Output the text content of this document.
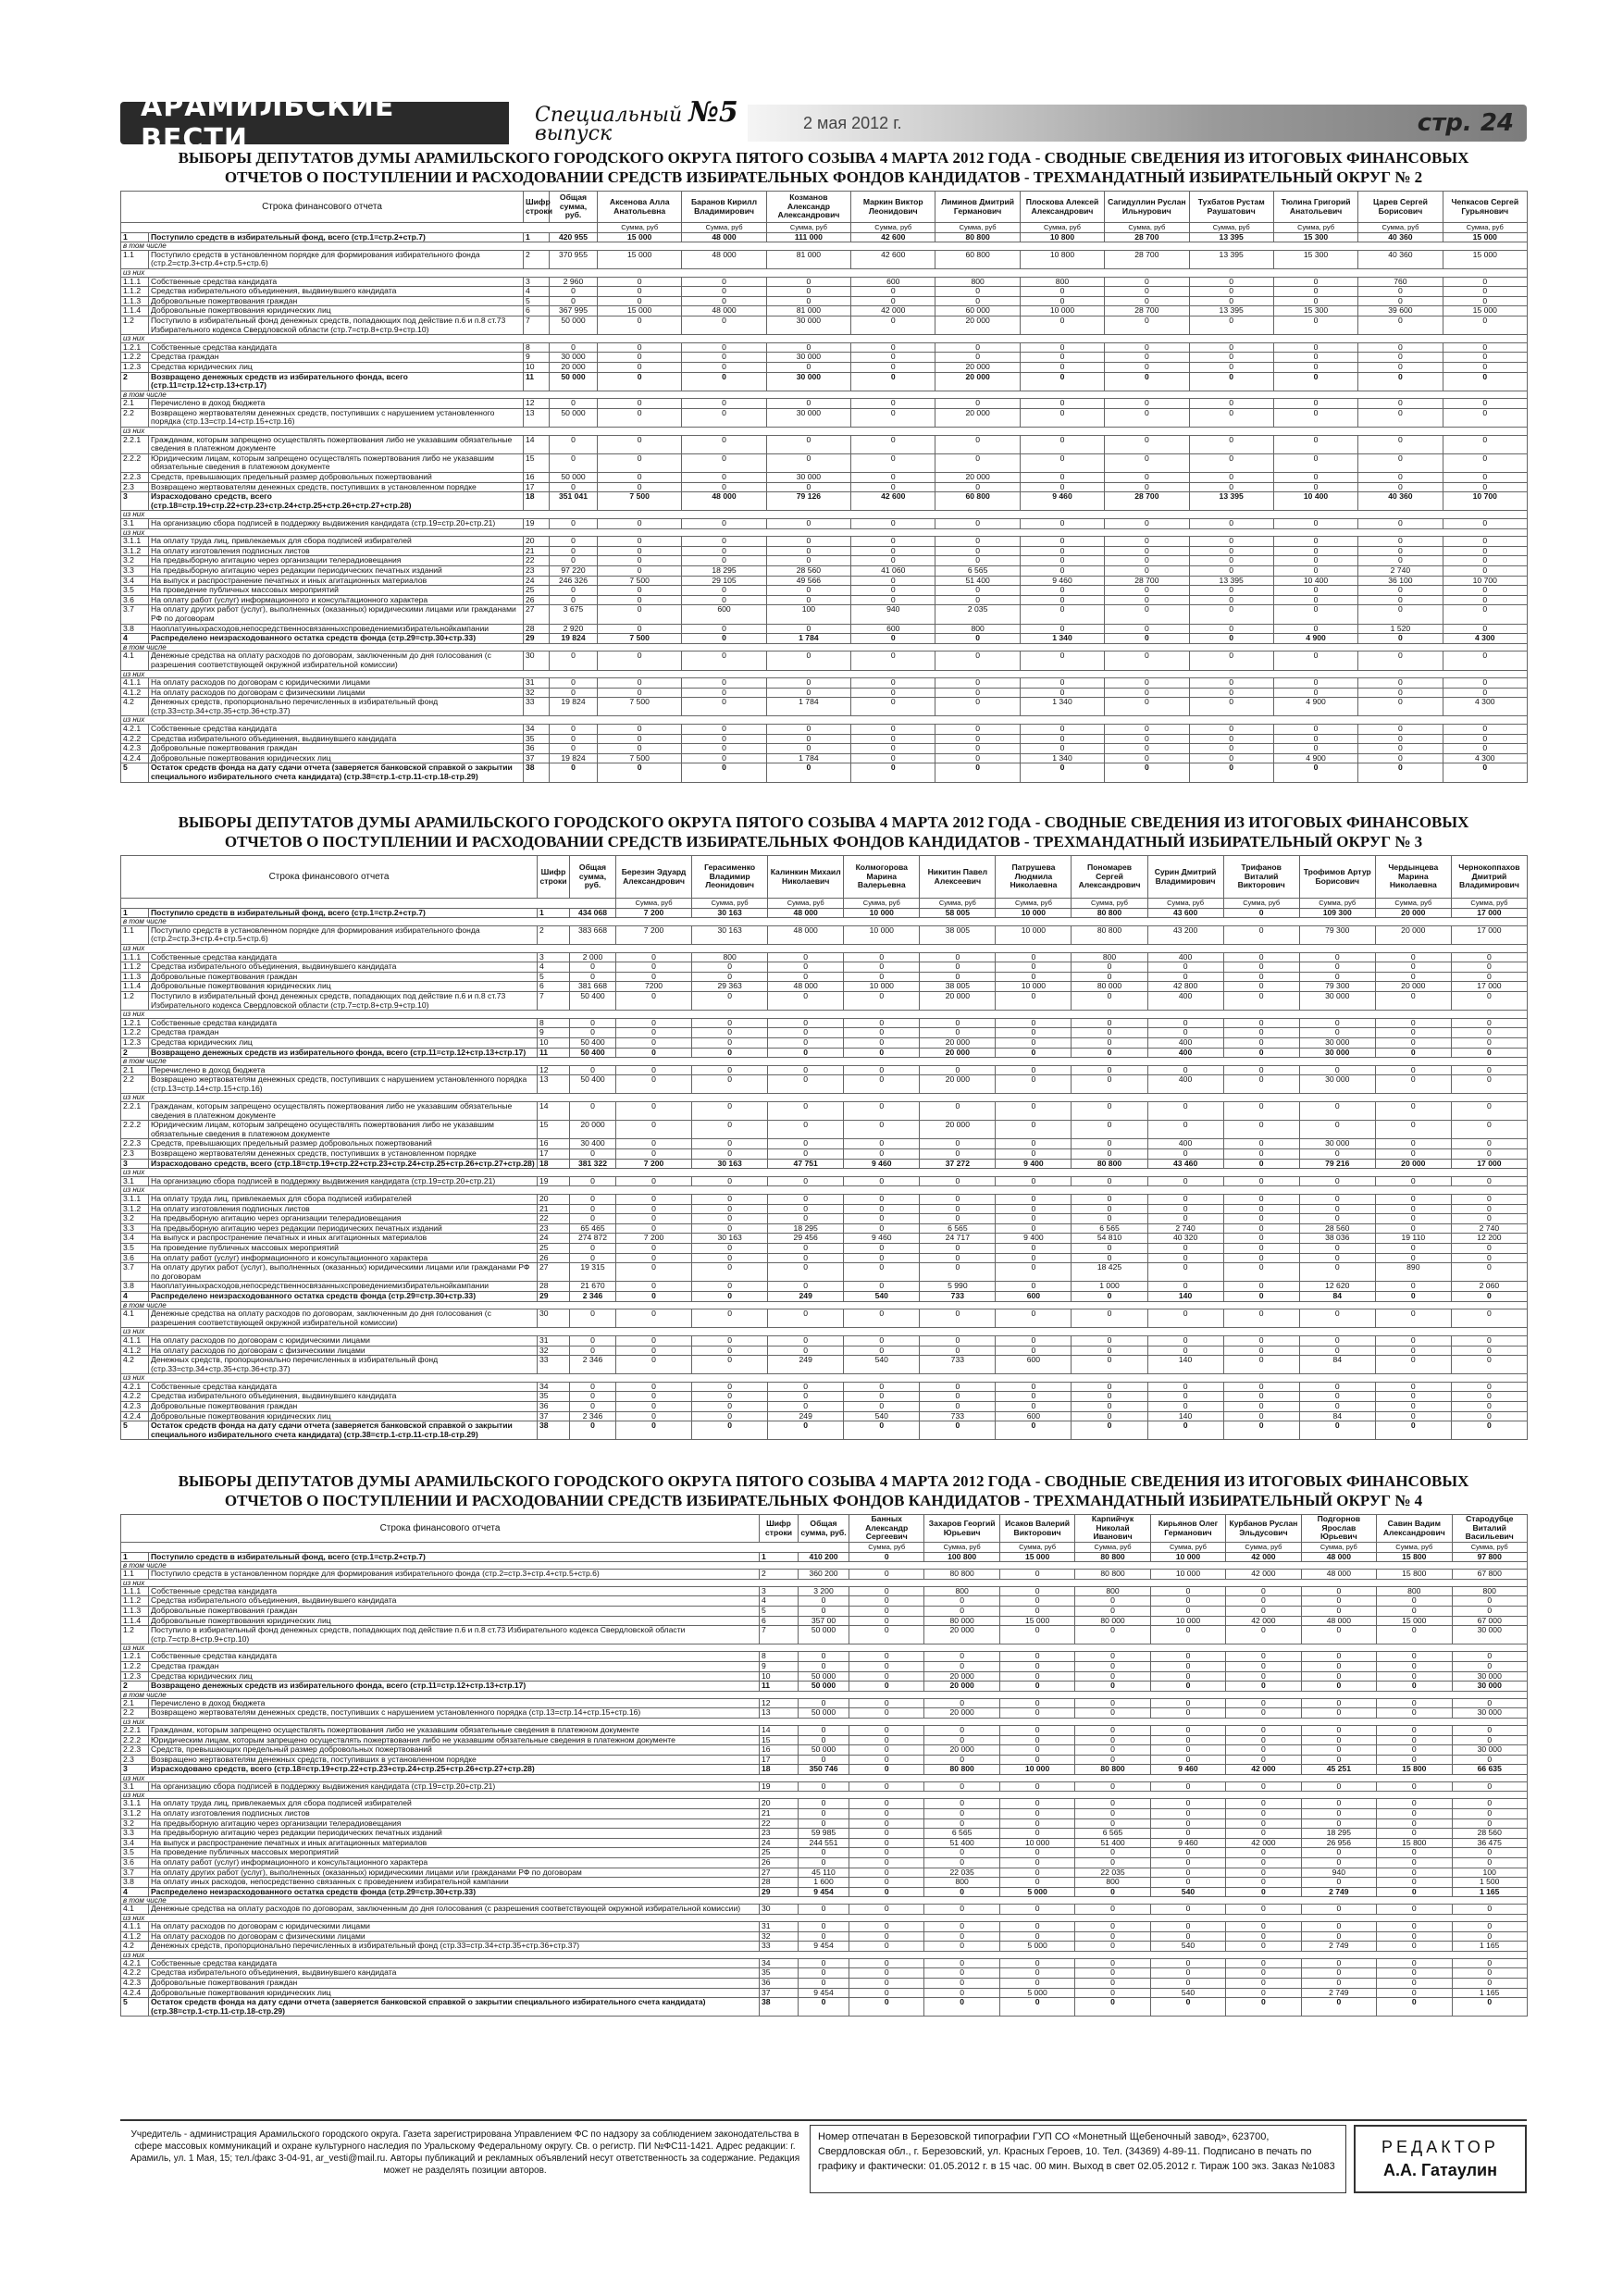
АРАМИЛЬСКИЕ ВЕСТИ
Специальный №5
выпуск	2 мая 2012 г.	стр. 24
ВЫБОРЫ ДЕПУТАТОВ ДУМЫ АРАМИЛЬСКОГО ГОРОДСКОГО ОКРУГА ПЯТОГО СОЗЫВА 4 МАРТА 2012 ГОДА - СВОДНЫЕ СВЕДЕНИЯ ИЗ ИТОГОВЫХ ФИНАНСОВЫХ
ОТЧЕТОВ О ПОСТУПЛЕНИИ И РАСХОДОВАНИИ СРЕДСТВ ИЗБИРАТЕЛЬНЫХ ФОНДОВ КАНДИДАТОВ - ТРЕХМАНДАТНЫЙ ИЗБИРАТЕЛЬНЫЙ ОКРУГ № 2
Строка финансового отчета		Шифр строки	Общая сумма, руб.	Аксенова Алла Анатольевна	Баранов Кирилл Владимирович	Козманов Александр Александрович	Маркин Виктор Леонидович	Лиминов Дмитрий Германович	Плоскова Алексей Александрович	Сагидуллин Руслан Ильнурович	Тухбатов Рустам Раушатович	Тюлина Григорий Анатольевич	Царев Сергей Борисович	Чепкасов Сергей Гурьянович
				Сумма, руб	Сумма, руб	Сумма, руб	Сумма, руб	Сумма, руб	Сумма, руб	Сумма, руб	Сумма, руб	Сумма, руб	Сумма, руб	Сумма, руб
1	Поступило средств в избирательный фонд, всего (стр.1=стр.2+стр.7)	1	420 955	15 000	48 000	111 000	42 600	80 800	10 800	28 700	13 395	15 300	40 360	15 000
в том числе														
1.1	Поступило средств в установленном порядке для формирования избирательного фонда (стр.2=стр.3+стр.4+стр.5+стр.6)	2	370 955	15 000	48 000	81 000	42 600	60 800	10 800	28 700	13 395	15 300	40 360	15 000
из них														
1.1.1	Собственные средства кандидата	3	2 960	0	0	0	600	800	800	0	0	0	760	0
1.1.2	Средства избирательного объединения, выдвинувшего кандидата	4	0	0	0	0	0	0	0	0	0	0	0	0
1.1.3	Добровольные пожертвования граждан	5	0	0	0	0	0	0	0	0	0	0	0	0
1.1.4	Добровольные пожертвования юридических лиц	6	367 995	15 000	48 000	81 000	42 000	60 000	10 000	28 700	13 395	15 300	39 600	15 000
1.2	Поступило в избирательный фонд денежных средств, попадающих под действие п.6 и п.8 ст.73 Избирательного кодекса Свердловской области (стр.7=стр.8+стр.9+стр.10)	7	50 000	0	0	30 000	0	20 000	0	0	0	0	0	0
из них														
1.2.1	Собственные средства кандидата	8	0	0	0	0	0	0	0	0	0	0	0	0
1.2.2	Средства граждан	9	30 000	0	0	30 000	0	0	0	0	0	0	0	0
1.2.3	Средства юридических лиц	10	20 000	0	0	0	0	20 000	0	0	0	0	0	0
2	Возвращено денежных средств из избирательного фонда, всего (стр.11=стр.12+стр.13+стр.17)	11	50 000	0	0	30 000	0	20 000	0	0	0	0	0	0
в том числе														
2.1	Перечислено в доход бюджета	12	0	0	0	0	0	0	0	0	0	0	0	0
2.2	Возвращено жертвователям денежных средств, поступивших с нарушением установленного порядка (стр.13=стр.14+стр.15+стр.16)	13	50 000	0	0	30 000	0	20 000	0	0	0	0	0	0
из них														
2.2.1	Гражданам, которым запрещено осуществлять пожертвования либо не указавшим обязательные сведения в платежном документе	14	0	0	0	0	0	0	0	0	0	0	0	0
2.2.2	Юридическим лицам, которым запрещено осуществлять пожертвования либо не указавшим обязательные сведения в платежном документе	15	0	0	0	0	0	0	0	0	0	0	0	0
2.2.3	Средств, превышающих предельный размер добровольных пожертвований	16	50 000	0	0	30 000	0	20 000	0	0	0	0	0	0
2.3	Возвращено жертвователям денежных средств, поступивших в установленном порядке	17	0	0	0	0	0	0	0	0	0	0	0	0
3	Израсходовано средств, всего (стр.18=стр.19+стр.22+стр.23+стр.24+стр.25+стр.26+стр.27+стр.28)	18	351 041	7 500	48 000	79 126	42 600	60 800	9 460	28 700	13 395	10 400	40 360	10 700
из них														
3.1	На организацию сбора подписей в поддержку выдвижения кандидата (стр.19=стр.20+стр.21)	19	0	0	0	0	0	0	0	0	0	0	0	0
из них														
3.1.1	На оплату труда лиц, привлекаемых для сбора подписей избирателей	20	0	0	0	0	0	0	0	0	0	0	0	0
3.1.2	На оплату изготовления подписных листов	21	0	0	0	0	0	0	0	0	0	0	0	0
3.2	На предвыборную агитацию через организации телерадиовещания	22	0	0	0	0	0	0	0	0	0	0	0	0
3.3	На предвыборную агитацию через редакции периодических печатных изданий	23	97 220	0	18 295	28 560	41 060	6 565	0	0	0	0	2 740	0
3.4	На выпуск и распространение печатных и иных агитационных материалов	24	246 326	7 500	29 105	49 566	0	51 400	9 460	28 700	13 395	10 400	36 100	10 700
3.5	На проведение публичных массовых мероприятий	25	0	0	0	0	0	0	0	0	0	0	0	0
3.6	На оплату работ (услуг) информационного и консультационного характера	26	0	0	0	0	0	0	0	0	0	0	0	0
3.7	На оплату других работ (услуг), выполненных (оказанных) юридическими лицами или гражданами РФ по договорам	27	3 675	0	600	100	940	2 035	0	0	0	0	0	0
3.8	Наоплатуиныхрасходов,непосредственносвязанныхспроведениемизбирательнойкампании	28	2 920	0	0	0	600	800	0	0	0	0	1 520	0
4	Распределено неизрасходованного остатка средств фонда (стр.29=стр.30+стр.33)	29	19 824	7 500	0	1 784	0	0	1 340	0	0	4 900	0	4 300
в том числе														
4.1	Денежные средства на оплату расходов по договорам, заключенным до дня голосования (с разрешения соответствующей окружной избирательной комиссии)	30	0	0	0	0	0	0	0	0	0	0	0	0
из них														
4.1.1	На оплату расходов по договорам с юридическими лицами	31	0	0	0	0	0	0	0	0	0	0	0	0
4.1.2	На оплату расходов по договорам с физическими лицами	32	0	0	0	0	0	0	0	0	0	0	0	0
4.2	Денежных средств, пропорционально перечисленных в избирательный фонд (стр.33=стр.34+стр.35+стр.36+стр.37)	33	19 824	7 500	0	1 784	0	0	1 340	0	0	4 900	0	4 300
из них														
4.2.1	Собственные средства кандидата	34	0	0	0	0	0	0	0	0	0	0	0	0
4.2.2	Средства избирательного объединения, выдвинувшего кандидата	35	0	0	0	0	0	0	0	0	0	0	0	0
4.2.3	Добровольные пожертвования граждан	36	0	0	0	0	0	0	0	0	0	0	0	0
4.2.4	Добровольные пожертвования юридических лиц	37	19 824	7 500	0	1 784	0	0	1 340	0	0	4 900	0	4 300
5	Остаток средств фонда на дату сдачи отчета (заверяется банковской справкой о закрытии специального избирательного счета кандидата) (стр.38=стр.1-стр.11-стр.18-стр.29)	38	0	0	0	0	0	0	0	0	0	0	0	0
ВЫБОРЫ ДЕПУТАТОВ ДУМЫ АРАМИЛЬСКОГО ГОРОДСКОГО ОКРУГА ПЯТОГО СОЗЫВА 4 МАРТА 2012 ГОДА - СВОДНЫЕ СВЕДЕНИЯ ИЗ ИТОГОВЫХ ФИНАНСОВЫХ
ОТЧЕТОВ О ПОСТУПЛЕНИИ И РАСХОДОВАНИИ СРЕДСТВ ИЗБИРАТЕЛЬНЫХ ФОНДОВ КАНДИДАТОВ - ТРЕХМАНДАТНЫЙ ИЗБИРАТЕЛЬНЫЙ ОКРУГ № 3
Строка финансового отчета		Шифр строки	Общая сумма, руб.	Березин Эдуард Александрович	Герасименко Владимир Леонидович	Калинкин Михаил Николаевич	Колмогорова Марина Валерьевна	Никитин Павел Алексеевич	Патрушева Людмила Николаевна	Пономарев Сергей Александрович	Сурин Дмитрий Владимирович	Трифанов Виталий Викторович	Трофимов Артур Борисович	Чердынцева Марина Николаевна	Чернокоппахов Дмитрий Владимирович
				Сумма, руб	Сумма, руб	Сумма, руб	Сумма, руб	Сумма, руб	Сумма, руб	Сумма, руб	Сумма, руб	Сумма, руб	Сумма, руб	Сумма, руб	Сумма, руб
1	Поступило средств в избирательный фонд, всего (стр.1=стр.2+стр.7)	1	434 068	7 200	30 163	48 000	10 000	58 005	10 000	80 800	43 600	0	109 300	20 000	17 000
в том числе															
1.1	Поступило средств в установленном порядке для формирования избирательного фонда (стр.2=стр.3+стр.4+стр.5+стр.6)	2	383 668	7 200	30 163	48 000	10 000	38 005	10 000	80 800	43 200	0	79 300	20 000	17 000
из них															
1.1.1	Собственные средства кандидата	3	2 000	0	800	0	0	0	0	800	400	0	0	0	0
1.1.2	Средства избирательного объединения, выдвинувшего кандидата	4	0	0	0	0	0	0	0	0	0	0	0	0	0
1.1.3	Добровольные пожертвования граждан	5	0	0	0	0	0	0	0	0	0	0	0	0	0
1.1.4	Добровольные пожертвования юридических лиц	6	381 668	7200	29 363	48 000	10 000	38 005	10 000	80 000	42 800	0	79 300	20 000	17 000
1.2	Поступило в избирательный фонд денежных средств, попадающих под действие п.6 и п.8 ст.73 Избирательного кодекса Свердловской области (стр.7=стр.8+стр.9+стр.10)	7	50 400	0	0	0	0	20 000	0	0	400	0	30 000	0	0
из них															
1.2.1	Собственные средства кандидата	8	0	0	0	0	0	0	0	0	0	0	0	0	0
1.2.2	Средства граждан	9	0	0	0	0	0	0	0	0	0	0	0	0	0
1.2.3	Средства юридических лиц	10	50 400	0	0	0	0	20 000	0	0	400	0	30 000	0	0
2	Возвращено денежных средств из избирательного фонда, всего (стр.11=стр.12+стр.13+стр.17)	11	50 400	0	0	0	0	20 000	0	0	400	0	30 000	0	0
в том числе															
2.1	Перечислено в доход бюджета	12	0	0	0	0	0	0	0	0	0	0	0	0	0
2.2	Возвращено жертвователям денежных средств, поступивших с нарушением установленного порядка (стр.13=стр.14+стр.15+стр.16)	13	50 400	0	0	0	0	20 000	0	0	400	0	30 000	0	0
из них															
2.2.1	Гражданам, которым запрещено осуществлять пожертвования либо не указавшим обязательные сведения в платежном документе	14	0	0	0	0	0	0	0	0	0	0	0	0	0
2.2.2	Юридическим лицам, которым запрещено осуществлять пожертвования либо не указавшим обязательные сведения в платежном документе	15	20 000	0	0	0	0	20 000	0	0	0	0	0	0	0
2.2.3	Средств, превышающих предельный размер добровольных пожертвований	16	30 400	0	0	0	0	0	0	0	400	0	30 000	0	0
2.3	Возвращено жертвователям денежных средств, поступивших в установленном порядке	17	0	0	0	0	0	0	0	0	0	0	0	0	0
3	Израсходовано средств, всего (стр.18=стр.19+стр.22+стр.23+стр.24+стр.25+стр.26+стр.27+стр.28)	18	381 322	7 200	30 163	47 751	9 460	37 272	9 400	80 800	43 460	0	79 216	20 000	17 000
из них															
3.1	На организацию сбора подписей в поддержку выдвижения кандидата (стр.19=стр.20+стр.21)	19	0	0	0	0	0	0	0	0	0	0	0	0	0
из них															
3.1.1	На оплату труда лиц, привлекаемых для сбора подписей избирателей	20	0	0	0	0	0	0	0	0	0	0	0	0	0
3.1.2	На оплату изготовления подписных листов	21	0	0	0	0	0	0	0	0	0	0	0	0	0
3.2	На предвыборную агитацию через организации телерадиовещания	22	0	0	0	0	0	0	0	0	0	0	0	0	0
3.3	На предвыборную агитацию через редакции периодических печатных изданий	23	65 465	0	0	18 295	0	6 565	0	6 565	2 740	0	28 560	0	2 740
3.4	На выпуск и распространение печатных и иных агитационных материалов	24	274 872	7 200	30 163	29 456	9 460	24 717	9 400	54 810	40 320	0	38 036	19 110	12 200
3.5	На проведение публичных массовых мероприятий	25	0	0	0	0	0	0	0	0	0	0	0	0	0
3.6	На оплату работ (услуг) информационного и консультационного характера	26	0	0	0	0	0	0	0	0	0	0	0	0	0
3.7	На оплату других работ (услуг), выполненных (оказанных) юридическими лицами или гражданами РФ по договорам	27	19 315	0	0	0	0	0	0	18 425	0	0	0	890	0
3.8	Наоплатуиныхрасходов,непосредственносвязанныхспроведениемизбирательнойкампании	28	21 670	0	0	0	0	5 990	0	1 000	0	0	12 620	0	2 060
4	Распределено неизрасходованного остатка средств фонда (стр.29=стр.30+стр.33)	29	2 346	0	0	249	540	733	600	0	140	0	84	0	0
в том числе															
4.1	Денежные средства на оплату расходов по договорам, заключенным до дня голосования (с разрешения соответствующей окружной избирательной комиссии)	30	0	0	0	0	0	0	0	0	0	0	0	0	0
из них															
4.1.1	На оплату расходов по договорам с юридическими лицами	31	0	0	0	0	0	0	0	0	0	0	0	0	0
4.1.2	На оплату расходов по договорам с физическими лицами	32	0	0	0	0	0	0	0	0	0	0	0	0	0
4.2	Денежных средств, пропорционально перечисленных в избирательный фонд (стр.33=стр.34+стр.35+стр.36+стр.37)	33	2 346	0	0	249	540	733	600	0	140	0	84	0	0
из них															
4.2.1	Собственные средства кандидата	34	0	0	0	0	0	0	0	0	0	0	0	0	0
4.2.2	Средства избирательного объединения, выдвинувшего кандидата	35	0	0	0	0	0	0	0	0	0	0	0	0	0
4.2.3	Добровольные пожертвования граждан	36	0	0	0	0	0	0	0	0	0	0	0	0	0
4.2.4	Добровольные пожертвования юридических лиц	37	2 346	0	0	249	540	733	600	0	140	0	84	0	0
5	Остаток средств фонда на дату сдачи отчета (заверяется банковской справкой о закрытии специального избирательного счета кандидата) (стр.38=стр.1-стр.11-стр.18-стр.29)	38	0	0	0	0	0	0	0	0	0	0	0	0	0
ВЫБОРЫ ДЕПУТАТОВ ДУМЫ АРАМИЛЬСКОГО ГОРОДСКОГО ОКРУГА ПЯТОГО СОЗЫВА 4 МАРТА 2012 ГОДА - СВОДНЫЕ СВЕДЕНИЯ ИЗ ИТОГОВЫХ ФИНАНСОВЫХ
ОТЧЕТОВ О ПОСТУПЛЕНИИ И РАСХОДОВАНИИ СРЕДСТВ ИЗБИРАТЕЛЬНЫХ ФОНДОВ КАНДИДАТОВ - ТРЕХМАНДАТНЫЙ ИЗБИРАТЕЛЬНЫЙ ОКРУГ № 4
Строка финансового отчета		Шифр строки	Общая сумма, руб.	Банных Александр Сергеевич	Захаров Георгий Юрьевич	Исаков Валерий Викторович	Карпийчук Николай Иванович	Кирьянов Олег Германович	Курбанов Руслан Эльдусович	Подгорнов Ярослав Юрьевич	Савин Вадим Александрович	Стародубце Виталий Васильевич
				Сумма, руб	Сумма, руб	Сумма, руб	Сумма, руб	Сумма, руб	Сумма, руб	Сумма, руб	Сумма, руб	Сумма, руб
1	Поступило средств в избирательный фонд, всего (стр.1=стр.2+стр.7)	1	410 200	0	100 800	15 000	80 800	10 000	42 000	48 000	15 800	97 800
в том числе												
1.1	Поступило средств в установленном порядке для формирования избирательного фонда (стр.2=стр.3+стр.4+стр.5+стр.6)	2	360 200	0	80 800	0	80 800	10 000	42 000	48 000	15 800	67 800
из них												
1.1.1	Собственные средства кандидата	3	3 200	0	800	0	800	0	0	0	800	800
1.1.2	Средства избирательного объединения, выдвинувшего кандидата	4	0	0	0	0	0	0	0	0	0	0
1.1.3	Добровольные пожертвования граждан	5	0	0	0	0	0	0	0	0	0	0
1.1.4	Добровольные пожертвования юридических лиц	6	357 00	0	80 000	15 000	80 000	10 000	42 000	48 000	15 000	67 000
1.2	Поступило в избирательный фонд денежных средств, попадающих под действие п.6 и п.8 ст.73 Избирательного кодекса Свердловской области (стр.7=стр.8+стр.9+стр.10)	7	50 000	0	20 000	0	0	0	0	0	0	30 000
из них												
1.2.1	Собственные средства кандидата	8	0	0	0	0	0	0	0	0	0	0
1.2.2	Средства граждан	9	0	0	0	0	0	0	0	0	0	0
1.2.3	Средства юридических лиц	10	50 000	0	20 000	0	0	0	0	0	0	30 000
2	Возвращено денежных средств из избирательного фонда, всего (стр.11=стр.12+стр.13+стр.17)	11	50 000	0	20 000	0	0	0	0	0	0	30 000
в том числе												
2.1	Перечислено в доход бюджета	12	0	0	0	0	0	0	0	0	0	0
2.2	Возвращено жертвователям денежных средств, поступивших с нарушением установленного порядка (стр.13=стр.14+стр.15+стр.16)	13	50 000	0	20 000	0	0	0	0	0	0	30 000
из них												
2.2.1	Гражданам, которым запрещено осуществлять пожертвования либо не указавшим обязательные сведения в платежном документе	14	0	0	0	0	0	0	0	0	0	0
2.2.2	Юридическим лицам, которым запрещено осуществлять пожертвования либо не указавшим обязательные сведения в платежном документе	15	0	0	0	0	0	0	0	0	0	0
2.2.3	Средств, превышающих предельный размер добровольных пожертвований	16	50 000	0	20 000	0	0	0	0	0	0	30 000
2.3	Возвращено жертвователям денежных средств, поступивших в установленном порядке	17	0	0	0	0	0	0	0	0	0	0
3	Израсходовано средств, всего (стр.18=стр.19+стр.22+стр.23+стр.24+стр.25+стр.26+стр.27+стр.28)	18	350 746	0	80 800	10 000	80 800	9 460	42 000	45 251	15 800	66 635
из них												
3.1	На организацию сбора подписей в поддержку выдвижения кандидата (стр.19=стр.20+стр.21)	19	0	0	0	0	0	0	0	0	0	0
из них												
3.1.1	На оплату труда лиц, привлекаемых для сбора подписей избирателей	20	0	0	0	0	0	0	0	0	0	0
3.1.2	На оплату изготовления подписных листов	21	0	0	0	0	0	0	0	0	0	0
3.2	На предвыборную агитацию через организации телерадиовещания	22	0	0	0	0	0	0	0	0	0	0
3.3	На предвыборную агитацию через редакции периодических печатных изданий	23	59 985	0	6 565	0	6 565	0	0	18 295	0	28 560
3.4	На выпуск и распространение печатных и иных агитационных материалов	24	244 551	0	51 400	10 000	51 400	9 460	42 000	26 956	15 800	36 475
3.5	На проведение публичных массовых мероприятий	25	0	0	0	0	0	0	0	0	0	0
3.6	На оплату работ (услуг) информационного и консультационного характера	26	0	0	0	0	0	0	0	0	0	0
3.7	На оплату других работ (услуг), выполненных (оказанных) юридическими лицами или гражданами РФ по договорам	27	45 110	0	22 035	0	22 035	0	0	940	0	100
3.8	На оплату иных расходов, непосредственно связанных с проведением избирательной кампании	28	1 600	0	800	0	800	0	0	0	0	1 500
4	Распределено неизрасходованного остатка средств фонда (стр.29=стр.30+стр.33)	29	9 454	0	0	5 000	0	540	0	2 749	0	1 165
в том числе												
4.1	Денежные средства на оплату расходов по договорам, заключенным до дня голосования (с разрешения соответствующей окружной избирательной комиссии)	30	0	0	0	0	0	0	0	0	0	0
из них												
4.1.1	На оплату расходов по договорам с юридическими лицами	31	0	0	0	0	0	0	0	0	0	0
4.1.2	На оплату расходов по договорам с физическими лицами	32	0	0	0	0	0	0	0	0	0	0
4.2	Денежных средств, пропорционально перечисленных в избирательный фонд (стр.33=стр.34+стр.35+стр.36+стр.37)	33	9 454	0	0	5 000	0	540	0	2 749	0	1 165
из них												
4.2.1	Собственные средства кандидата	34	0	0	0	0	0	0	0	0	0	0
4.2.2	Средства избирательного объединения, выдвинувшего кандидата	35	0	0	0	0	0	0	0	0	0	0
4.2.3	Добровольные пожертвования граждан	36	0	0	0	0	0	0	0	0	0	0
4.2.4	Добровольные пожертвования юридических лиц	37	9 454	0	0	5 000	0	540	0	2 749	0	1 165
5	Остаток средств фонда на дату сдачи отчета (заверяется банковской справкой о закрытии специального избирательного счета кандидата) (стр.38=стр.1-стр.11-стр.18-стр.29)	38	0	0	0	0	0	0	0	0	0	0
Учредитель - администрация Арамильского городского округа. Газета зарегистрирована Управлением ФС по надзору за соблюдением законодательства в сфере массовых коммуникаций и охране культурного наследия по Уральскому Федеральному округу. Св. о регистр. ПИ №ФС11-1421. Адрес редакции: г. Арамиль, ул. 1 Мая, 15; тел./факс 3-04-91, ar_vesti@mail.ru. Авторы публикаций и рекламных объявлений несут ответственность за содержание. Редакция может не разделять позиции авторов.
Номер отпечатан в Березовской типографии ГУП СО «Монетный Щебеночный завод», 623700, Свердловская обл., г. Березовский, ул. Красных Героев, 10. Тел. (34369) 4-89-11. Подписано в печать по графику и фактически: 01.05.2012 г. в 15 час. 00 мин. Выход в свет 02.05.2012 г. Тираж 100 экз. Заказ №1083
РЕДАКТОР
А.А. Гатаулин
